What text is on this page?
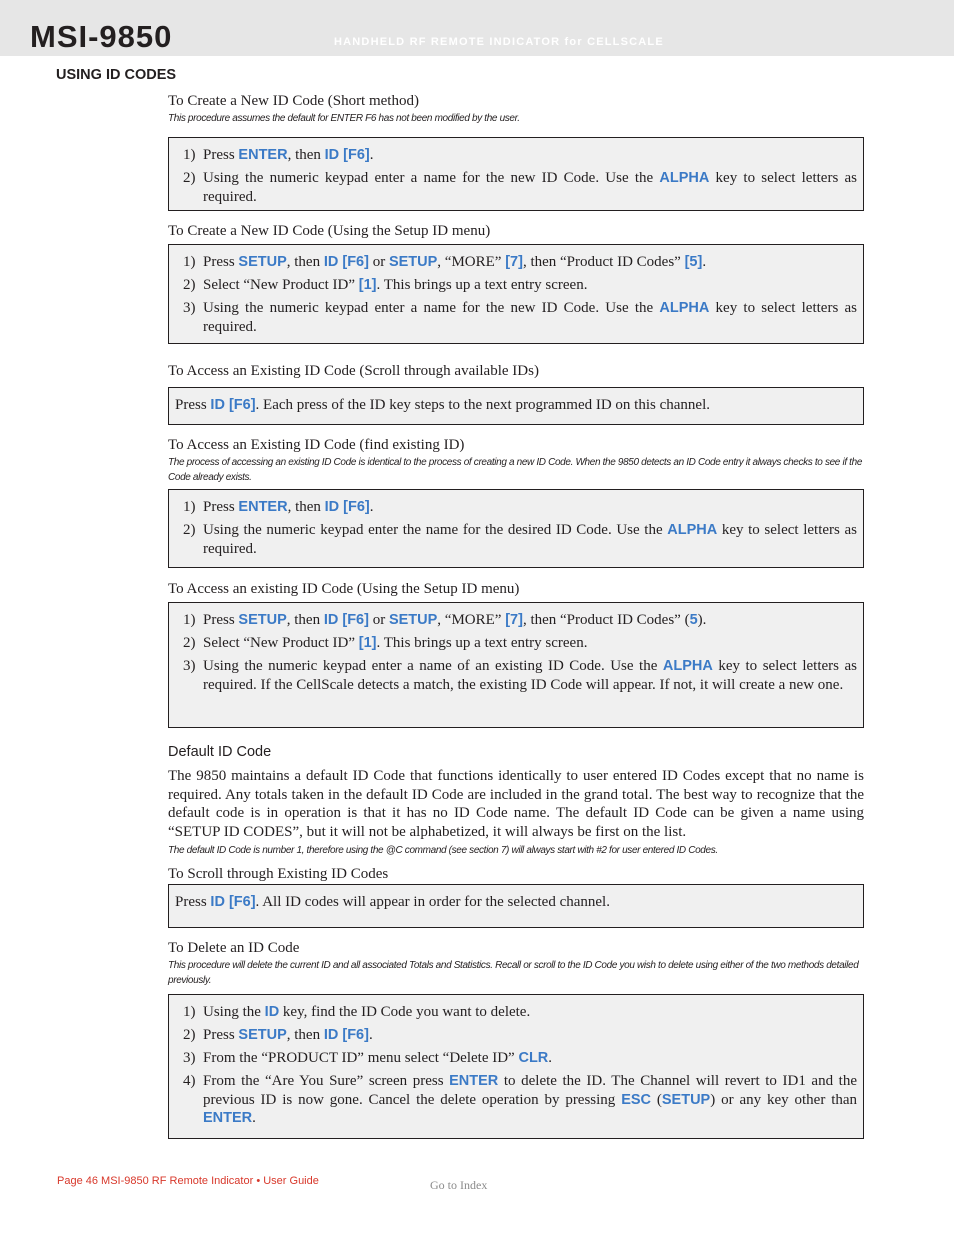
MSI-9850	HANDHELD RF REMOTE INDICATOR for CELLSCALE
USING ID CODES
To Create a New ID Code (Short method)
This procedure assumes the default for ENTER F6 has not been modified by the user.
1) Press ENTER, then ID [F6].
2) Using the numeric keypad enter a name for the new ID Code. Use the ALPHA key to select letters as required.
To Create a New ID Code (Using the Setup ID menu)
1) Press SETUP, then ID [F6] or SETUP, “MORE” [7], then “Product ID Codes” [5].
2) Select “New Product ID” [1]. This brings up a text entry screen.
3) Using the numeric keypad enter a name for the new ID Code. Use the ALPHA key to select letters as required.
To Access an Existing ID Code (Scroll through available IDs)
Press ID [F6]. Each press of the ID key steps to the next programmed ID on this channel.
To Access an Existing ID Code (find existing ID)
The process of accessing an existing ID Code is identical to the process of creating a new ID Code. When the 9850 detects an ID Code entry it always checks to see if the Code already exists.
1) Press ENTER, then ID [F6].
2) Using the numeric keypad enter the name for the desired ID Code. Use the ALPHA key to select letters as required.
To Access an existing ID Code (Using the Setup ID menu)
1) Press SETUP, then ID [F6] or SETUP, “MORE” [7], then “Product ID Codes” (5).
2) Select “New Product ID” [1]. This brings up a text entry screen.
3) Using the numeric keypad enter a name of an existing ID Code. Use the ALPHA key to select letters as required. If the CellScale detects a match, the existing ID Code will appear. If not, it will create a new one.
Default ID Code
The 9850 maintains a default ID Code that functions identically to user entered ID Codes except that no name is required. Any totals taken in the default ID Code are included in the grand total. The best way to recognize that the default code is in operation is that it has no ID Code name. The default ID Code can be given a name using “SETUP ID CODES”, but it will not be alphabetized, it will always be first on the list.
The default ID Code is number 1, therefore using the @C command (see section 7) will always start with #2 for user entered ID Codes.
To Scroll through Existing ID Codes
Press ID [F6]. All ID codes will appear in order for the selected channel.
To Delete an ID Code
This procedure will delete the current ID and all associated Totals and Statistics. Recall or scroll to the ID Code you wish to delete using either of the two methods detailed previously.
1) Using the ID key, find the ID Code you want to delete.
2) Press SETUP, then ID [F6].
3) From the “PRODUCT ID” menu select “Delete ID” CLR.
4) From the “Are You Sure” screen press ENTER to delete the ID. The Channel will revert to ID1 and the previous ID is now gone. Cancel the delete operation by pressing ESC (SETUP) or any key other than ENTER.
Page 46 MSI-9850 RF Remote Indicator • User Guide	Go to Index
